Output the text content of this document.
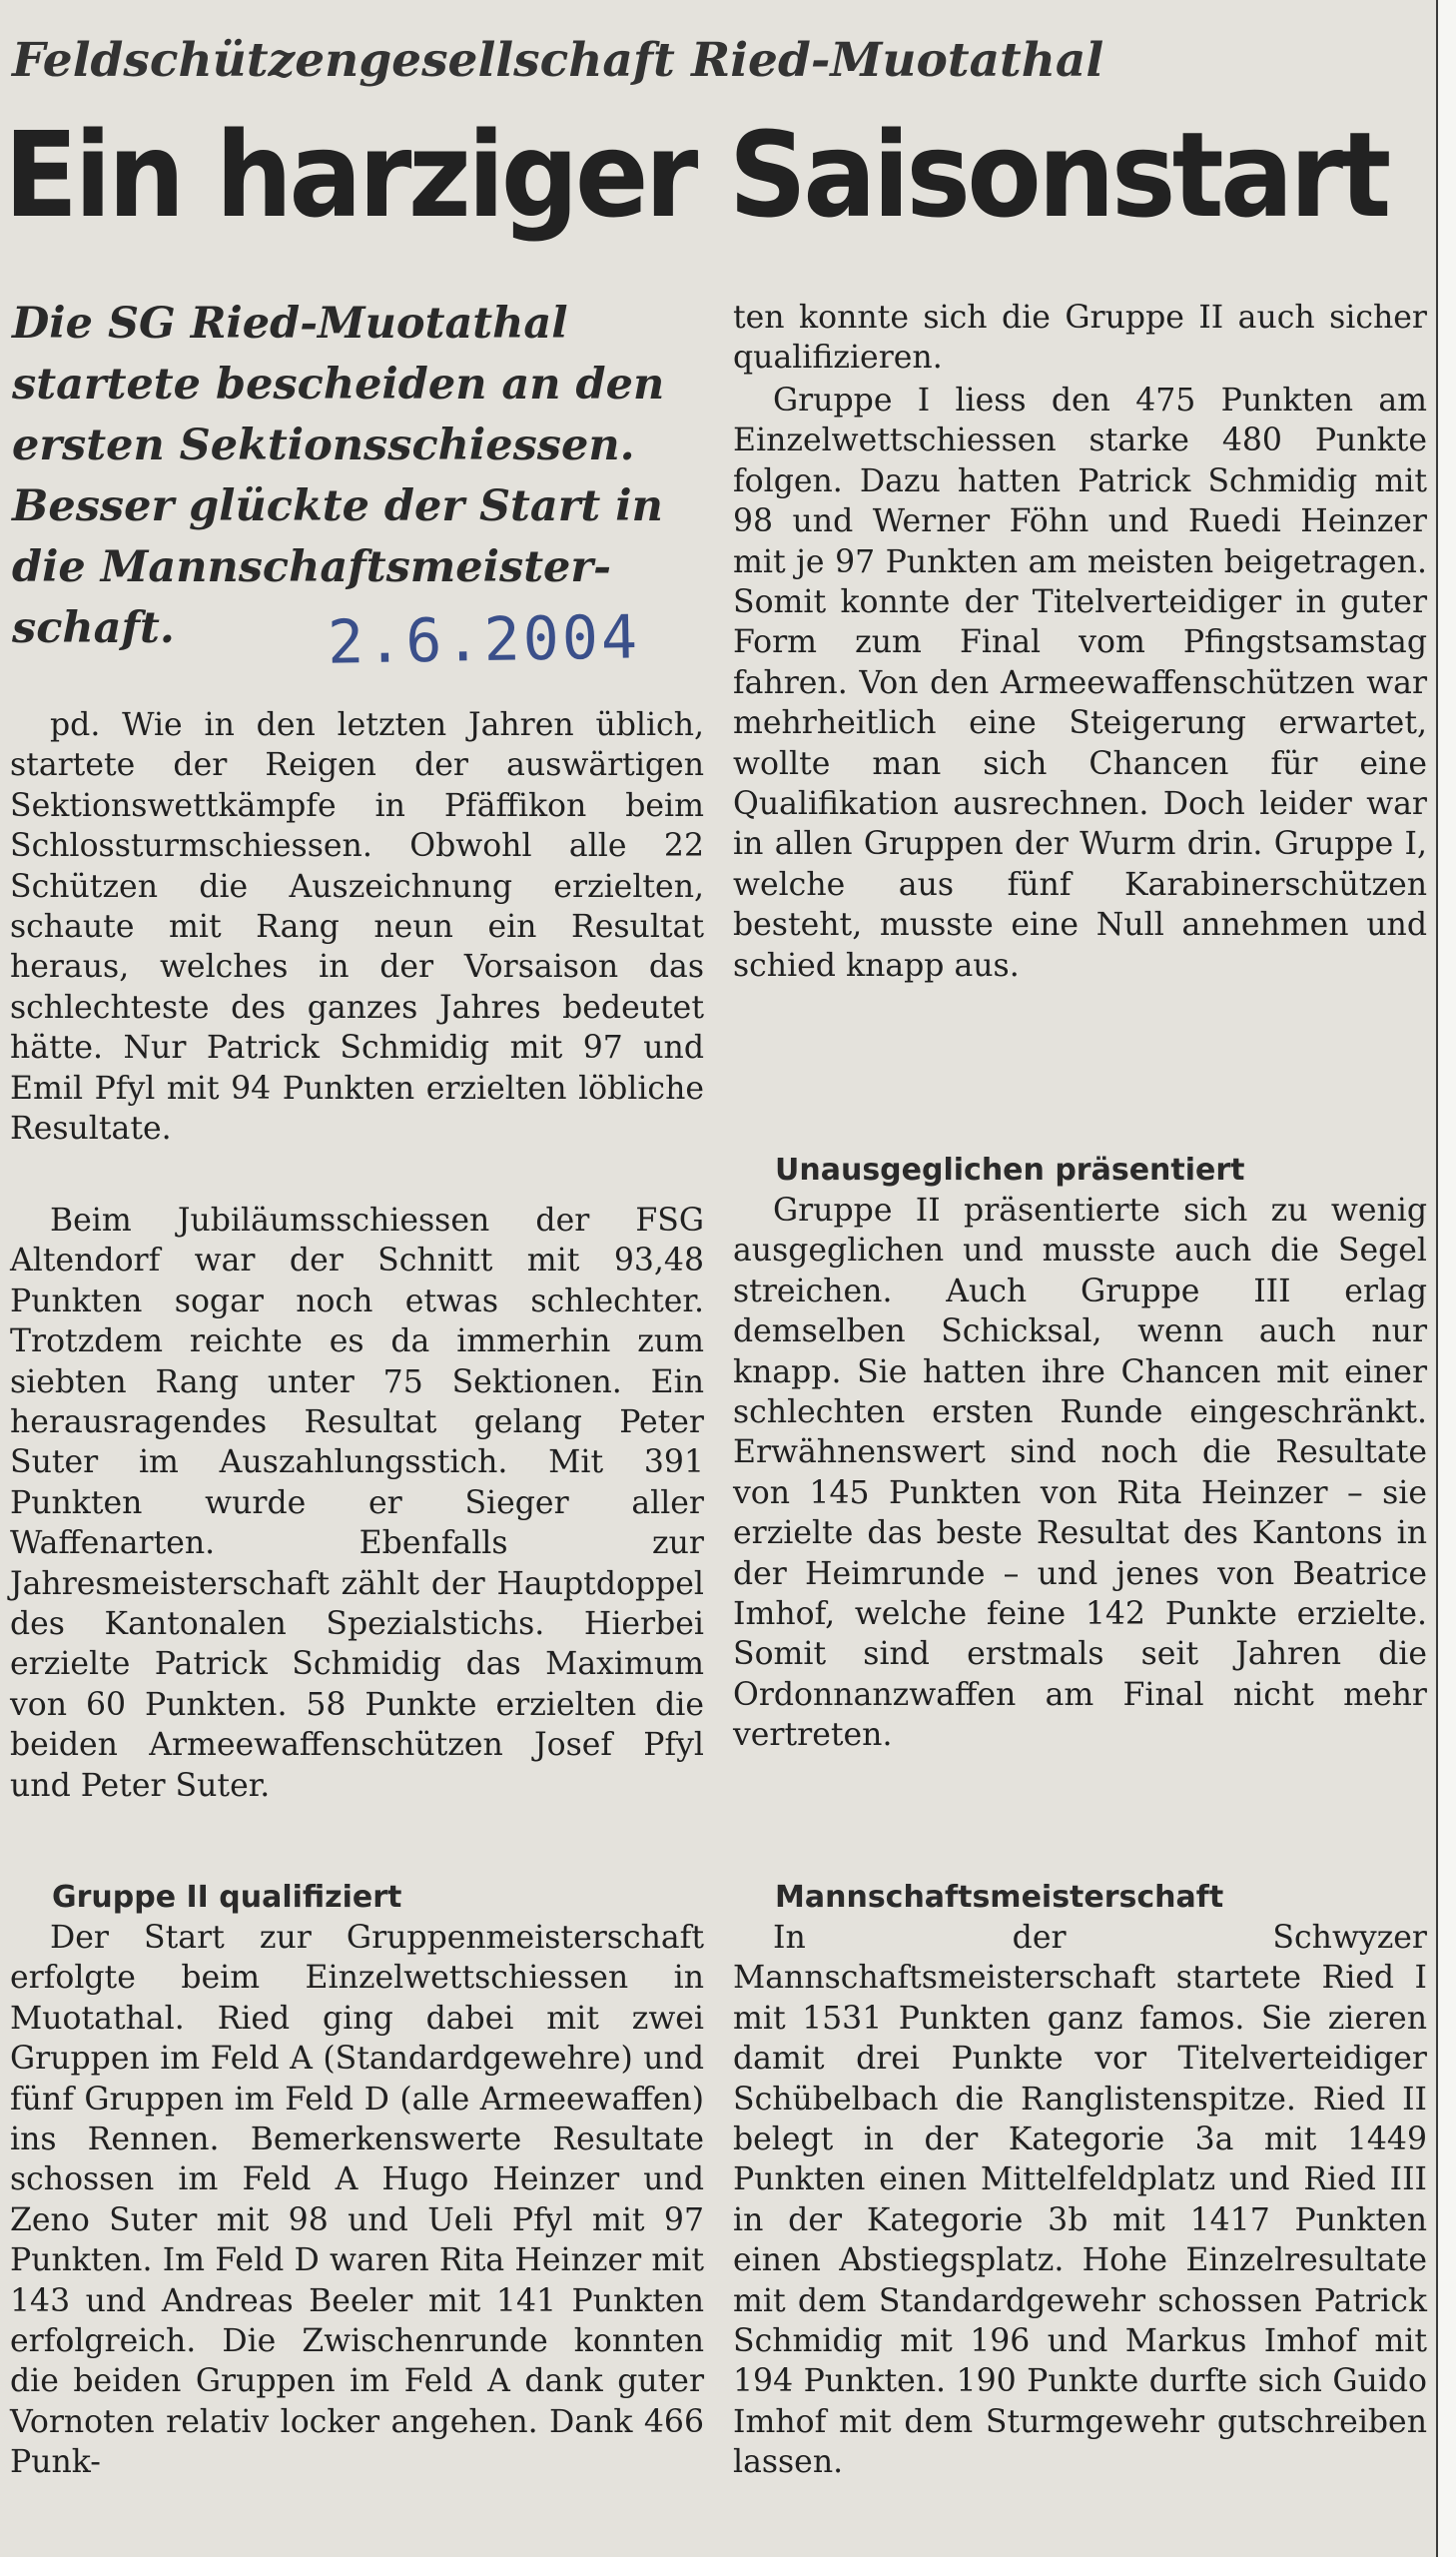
Feldschützengesellschaft Ried-Muotathal
Ein harziger Saisonstart

Die SG Ried-Muotathal

startete bescheiden an den

ersten Sektionsschiessen.

Besser glückte der Start in

die Mannschaftsmeister-

schaft.	2.6.2004

pd. Wie in den letzten Jahren üblich, startete der Reigen der auswärtigen Sektionswettkämpfe in Pfäffikon beim Schlossturmschiessen. Obwohl alle 22 Schützen die Auszeichnung erzielten, schaute mit Rang neun ein Resultat heraus, welches in der Vorsaison das schlechteste des ganzes Jahres bedeutet hätte. Nur Patrick Schmidig mit 97 und Emil Pfyl mit 94 Punkten erzielten löbliche Resultate.

Beim Jubiläumsschiessen der FSG Altendorf war der Schnitt mit 93,48 Punkten sogar noch etwas schlechter. Trotzdem reichte es da immerhin zum siebten Rang unter 75 Sektionen. Ein herausragendes Resultat gelang Peter Suter im Auszahlungsstich. Mit 391 Punkten wurde er Sieger aller Waffenarten. Ebenfalls zur Jahresmeisterschaft zählt der Hauptdoppel des Kantonalen Spezialstichs. Hierbei erzielte Patrick Schmidig das Maximum von 60 Punkten. 58 Punkte erzielten die beiden Armeewaffenschützen Josef Pfyl und Peter Suter.

Gruppe II qualifiziert

Der Start zur Gruppenmeisterschaft erfolgte beim Einzelwettschiessen in Muotathal. Ried ging dabei mit zwei Gruppen im Feld A (Standardgewehre) und fünf Gruppen im Feld D (alle Armeewaffen) ins Rennen. Bemerkenswerte Resultate schossen im Feld A Hugo Heinzer und Zeno Suter mit 98 und Ueli Pfyl mit 97 Punkten. Im Feld D waren Rita Heinzer mit 143 und Andreas Beeler mit 141 Punkten erfolgreich. Die Zwischenrunde konnten die beiden Gruppen im Feld A dank guter Vornoten relativ locker angehen. Dank 466 Punk-

ten konnte sich die Gruppe II auch sicher qualifizieren.

Gruppe I liess den 475 Punkten am Einzelwettschiessen starke 480 Punkte folgen. Dazu hatten Patrick Schmidig mit 98 und Werner Föhn und Ruedi Heinzer mit je 97 Punkten am meisten beigetragen. Somit konnte der Titelverteidiger in guter Form zum Final vom Pfingstsamstag fahren. Von den Armeewaffenschützen war mehrheitlich eine Steigerung erwartet, wollte man sich Chancen für eine Qualifikation ausrechnen. Doch leider war in allen Gruppen der Wurm drin. Gruppe I, welche aus fünf Karabinerschützen besteht, musste eine Null annehmen und schied knapp aus.

Unausgeglichen präsentiert

Gruppe II präsentierte sich zu wenig ausgeglichen und musste auch die Segel streichen. Auch Gruppe III erlag demselben Schicksal, wenn auch nur knapp. Sie hatten ihre Chancen mit einer schlechten ersten Runde eingeschränkt. Erwähnenswert sind noch die Resultate von 145 Punkten von Rita Heinzer – sie erzielte das beste Resultat des Kantons in der Heimrunde – und jenes von Beatrice Imhof, welche feine 142 Punkte erzielte. Somit sind erstmals seit Jahren die Ordonnanzwaffen am Final nicht mehr vertreten.

Mannschaftsmeisterschaft

In der Schwyzer Mannschaftsmeisterschaft startete Ried I mit 1531 Punkten ganz famos. Sie zieren damit drei Punkte vor Titelverteidiger Schübelbach die Ranglistenspitze. Ried II belegt in der Kategorie 3a mit 1449 Punkten einen Mittelfeldplatz und Ried III in der Kategorie 3b mit 1417 Punkten einen Abstiegsplatz. Hohe Einzelresultate mit dem Standardgewehr schossen Patrick Schmidig mit 196 und Markus Imhof mit 194 Punkten. 190 Punkte durfte sich Guido Imhof mit dem Sturmgewehr gutschreiben lassen.
